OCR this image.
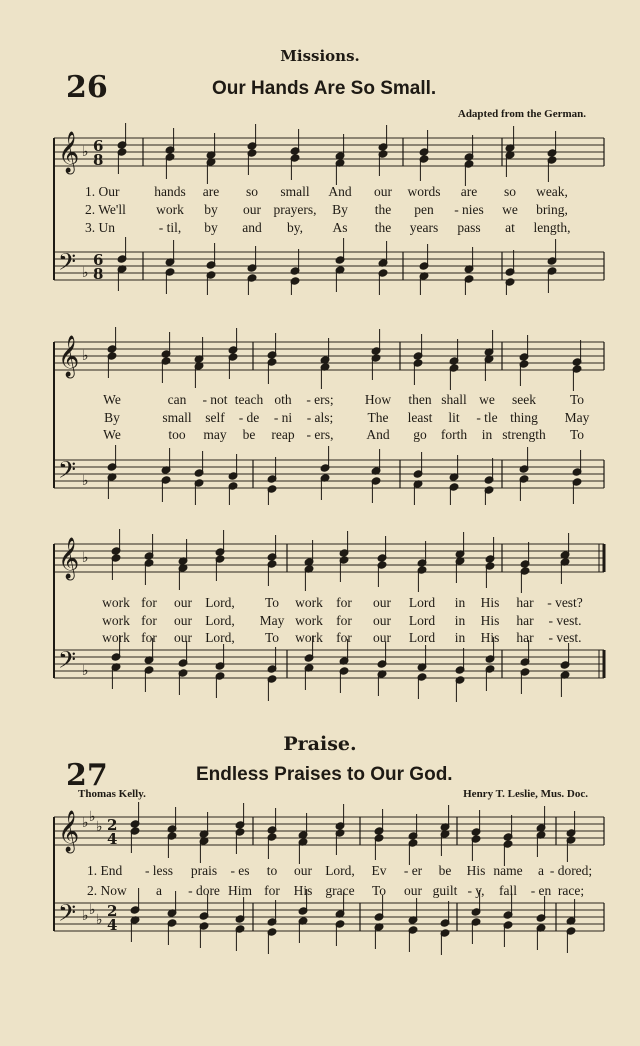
Missions.
26	Our Hands Are So Small.
Adapted from the German.
𝄞
𝄢
♭
♭
6
8
6
8
1. Our	hands are so small And our words are so weak,
2. We'll work by our prayers, By the pen - nies we bring,
3. Un	- til, by and by, As the years pass at length,
𝄞
𝄢
♭
♭
We	can - not teach oth - ers; How then shall we seek	To
By	small self - de - ni - als;	The least lit - tle thing May
We	too may be reap - ers, And go forth in strength To
𝄞
𝄢
♭
♭
work for our Lord, To work for our Lord in His har - vest?
work for our Lord, May work for our Lord in His har - vest.
work for our Lord, To work for our Lord in His har - vest.
Praise.
27	Endless Praises to Our God.
Thomas Kelly.	Henry T. Leslie, Mus. Doc.
𝄞
𝄢
♭
♭
♭
♭
♭
♭
2
4
2
4
1. End - less prais - es to our Lord, Ev - er be His name a - dored;
2. Now a - dore Him for His grace To our guilt - y, fall - en race;
